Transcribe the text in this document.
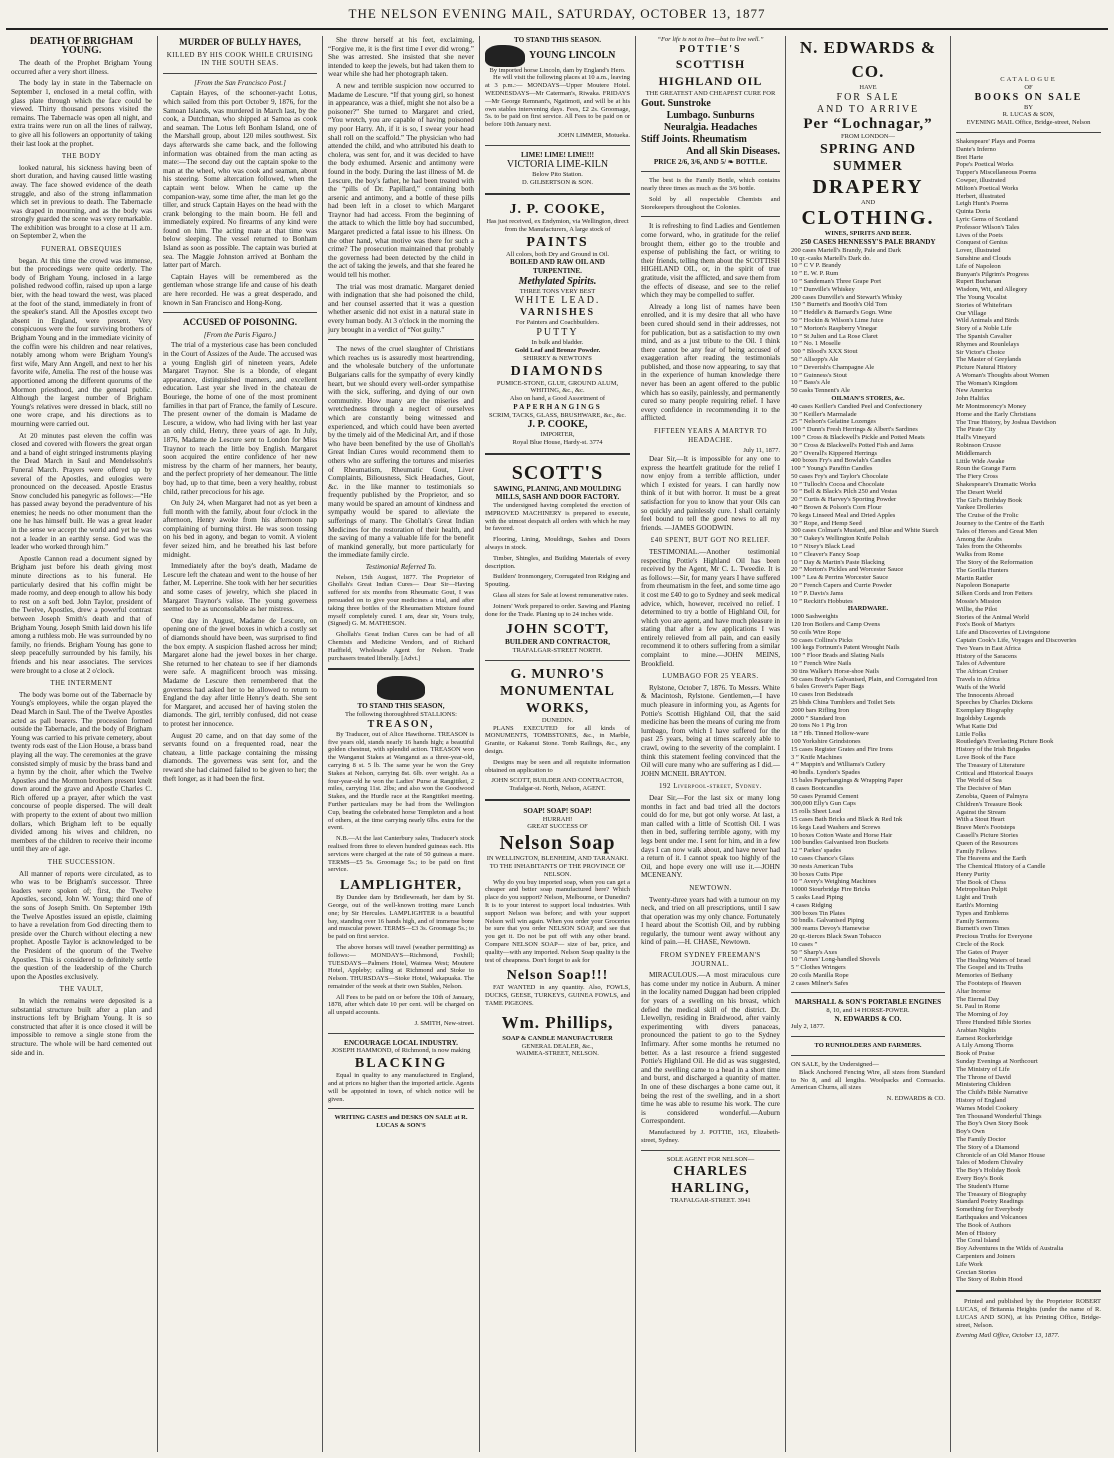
THE NELSON EVENING MAIL, SATURDAY, OCTOBER 13, 1877
DEATH OF BRIGHAM YOUNG.

The death of the Prophet Brigham Young occurred after a very short illness.

The body lay in state in the Tabernacle on September 1, enclosed in a metal coffin, with glass plate through which the face could be viewed. Thirty thousand persons visited the remains. The Tabernacle was open all night, and extra trains were run on all the lines of railway, to give all his followers an opportunity of taking their last look at the prophet.

THE BODY

looked natural, his sickness having been of short duration, and having caused little wasting away. The face showed evidence of the death struggle, and also of the strong inflammation which set in previous to death. The Tabernacle was draped in mourning, and as the body was strongly guarded the scene was very remarkable. The exhibition was brought to a close at 11 a.m. on September 2, when the

FUNERAL OBSEQUIES

began. At this time the crowd was immense, but the proceedings were quite orderly. The body of Brigham Young, inclosed in a large polished redwood coffin, raised up upon a large bier, with the head toward the west, was placed at the foot of the stand, immediately in front of the speaker's stand. All the Apostles except two absent in England, were present. Very conspicuous were the four surviving brothers of Brigham Young and in the immediate vicinity of the coffin were his children and near relatives, notably among whom were Brigham Young's first wife, Mary Ann Angell, and next to her his favorite wife, Amelia. The rest of the house was apportioned among the different quorums of the Mormon priesthood, and the general public. Although the largest number of Brigham Young's relatives were dressed in black, still no one wore crape, and his directions as to mourning were carried out.

At 20 minutes past eleven the coffin was closed and covered with flowers the great organ and a band of eight stringed instruments playing the Dead March in Saul and Mendelssohn's Funeral March. Prayers were offered up by several of the Apostles, and eulogies were pronounced on the deceased. Apostle Erastus Snow concluded his panegyric as follows:—“He has passed away beyond the peradventure of his enemies; he needs no other monument than the one he has himself built. He was a great leader in the sense we accept the world and yet he was not a leader in an earthly sense. God was the leader who worked through him.”

Apostle Cannon read a document signed by Brigham just before his death giving most minute directions as to his funeral. He particularly desired that his coffin might be made roomy, and deep enough to allow his body to rest on a soft bed. John Taylor, president of the Twelve, Apostles, drew a powerful contrast between Joseph Smith's death and that of Brigham Young. Joseph Smith laid down his life among a ruthless mob. He was surrounded by no family, no friends. Brigham Young has gone to sleep peacefully surrounded by his family, his friends and his near associates. The services were brought to a close at 2 o'clock.

THE INTERMENT

The body was borne out of the Tabernacle by Young's employees, while the organ played the Dead March in Saul. The of the Twelve Apostles acted as pall bearers. The procession formed outside the Tabernacle, and the body of Brigham Young was carried to his private cemetery, about twenty rods east of the Lion House, a brass band playing all the way. The ceremonies at the grave consisted simply of music by the brass band and a hymn by the choir, after which the Twelve Apostles and the Mormon brothers present knelt down around the grave and Apostle Charles C. Rich offered up a prayer, after which the vast concourse of people dispersed. The will dealt with property to the extent of about two million dollars, which Brigham left to be equally divided among his wives and children, no members of the children to receive their income until they are of age.

THE SUCCESSION.

All manner of reports were circulated, as to who was to be Brigham's successor. Three leaders were spoken of; first, the Twelve Apostles, second, John W. Young; third one of the sons of Joseph Smith. On September 19th the Twelve Apostles issued an epistle, claiming to have a revelation from God directing them to preside over the Church without electing a new prophet. Apostle Taylor is acknowledged to be the President of the quorum of the Twelve Apostles. This is considered to definitely settle the question of the leadership of the Church upon the Apostles exclusively.

THE VAULT,

In which the remains were deposited is a substantial structure built after a plan and instructions left by Brigham Young. It is so constructed that after it is once closed it will be impossible to remove a single stone from the structure. The whole will be hard cemented out side and in.

MURDER OF BULLY HAYES,
KILLED BY HIS COOK WHILE CRUISING IN THE SOUTH SEAS.
[From the San Francisco Post.]

Captain Hayes, of the schooner-yacht Lotus, which sailed from this port October 9, 1876, for the Samoan Islands, was murdered in March last, by the cook, a Dutchman, who shipped at Samoa as cook and seaman. The Lotus left Bonham Island, one of the Marshall group, about 120 miles southwest. Six days afterwards she came back, and the following information was obtained from the man acting as mate:—The second day out the captain spoke to the man at the wheel, who was cook and seaman, about his steering. Some altercation followed, when the captain went below. When he came up the companion-way, some time after, the man let go the tiller, and struck Captain Hayes on the head with the crank belonging to the main boom. He fell and immediately expired. No firearms of any kind were found on him. The acting mate at that time was below sleeping. The vessel returned to Bonham Island as soon as possible. The captain was buried at sea. The Maggie Johnston arrived at Bonham the latter part of March.

Captain Hayes will be remembered as the gentleman whose strange life and cause of his death are here recorded. He was a great desperado, and known in San Francisco and Hong-Kong.

ACCUSED OF POISONING.
[From the Paris Figaro.]

The trial of a mysterious case has been concluded in the Court of Assizes of the Aude. The accused was a young English girl of nineteen years, Adele Margaret Traynor. She is a blonde, of elegant appearance, distinguished manners, and excellent education. Last year she lived in the chateau de Bouriege, the home of one of the most prominent families in that part of France, the family of Lescure. The present owner of the domain is Madame de Lescure, a widow, who had living with her last year an only child, Henry, three years of age. In July, 1876, Madame de Lescure sent to London for Miss Traynor to teach the little boy English. Margaret soon acquired the entire confidence of her new mistress by the charm of her manners, her beauty, and the perfect propriety of her demeanour. The little boy had, up to that time, been a very healthy, robust child, rather precocious for his age.

On July 24, when Margaret had not as yet been a full month with the family, about four o'clock in the afternoon, Henry awoke from his afternoon nap complaining of burning thirst. He was soon tossing on his bed in agony, and began to vomit. A violent fever seized him, and he breathed his last before midnight.

Immediately after the boy's death, Madame de Lescure left the chateau and went to the house of her father, M. Leperrine. She took with her her securities and some cases of jewelry, which she placed in Margaret Traynor's valise. The young governess seemed to be as unconsolable as her mistress.

One day in August, Madame de Lescure, on opening one of the jewel boxes in which a costly set of diamonds should have been, was surprised to find the box empty. A suspicion flashed across her mind; Margaret alone had the jewel boxes in her charge. She returned to her chateau to see if her diamonds were safe. A magnificent brooch was missing. Madame de Lescure then remembered that the governess had asked her to be allowed to return to England the day after little Henry's death. She sent for Margaret, and accused her of having stolen the diamonds. The girl, terribly confused, did not cease to protest her innocence.

August 20 came, and on that day some of the servants found on a frequented road, near the chateau, a little package containing the missing diamonds. The governess was sent for, and the reward she had claimed failed to be given to her; the theft longer, as it had been the first.

She threw herself at his feet, exclaiming, “Forgive me, it is the first time I ever did wrong.” She was arrested. She insisted that she never intended to keep the jewels, but had taken them to wear while she had her photograph taken.

A new and terrible suspicion now occurred to Madame de Lescure. “If that young girl, so honest in appearance, was a thief, might she not also be a poisoner?” She turned to Margaret and cried, “You wretch, you are capable of having poisoned my poor Harry. Ah, if it is so, I swear your head shall roll on the scaffold.” The physician who had attended the child, and who attributed his death to cholera, was sent for, and it was decided to have the body exhumed. Arsenic and antimony were found in the body. During the last illness of M. de Lescure, the boy's father, he had been treated with the “pills of Dr. Papillard,” containing both arsenic and antimony, and a bottle of these pills had been left in a closet to which Margaret Traynor had had access. From the beginning of the attack to which the little boy had succumbed, Margaret predicted a fatal issue to his illness. On the other hand, what motive was there for such a crime? The prosecution maintained that probably the governess had been detected by the child in the act of taking the jewels, and that she feared he would tell his mother.

The trial was most dramatic. Margaret denied with indignation that she had poisoned the child, and her counsel asserted that it was a question whether arsenic did not exist in a natural state in every human body. At 3 o'clock in the morning the jury brought in a verdict of “Not guilty.”

The news of the cruel slaughter of Christians which reaches us is assuredly most heartrending, and the wholesale butchery of the unfortunate Bulgarians calls for the sympathy of every kindly heart, but we should every well-order sympathise with the sick, suffering, and dying of our own community. How many are the miseries and wretchedness through a neglect of ourselves which are constantly being witnessed and experienced, and which could have been averted by the timely aid of the Medicinal Art, and if those who have been benefited by the use of Ghollah's Great Indian Cures would recommend them to others who are suffering the tortures and miseries of Rheumatism, Rheumatic Gout, Liver Complaints, Biliousness, Sick Headaches, Gout, &c. in the like manner to testimonials so frequently published by the Proprietor, and so many would be spared an amount of kindness and sympathy would be spared to alleviate the sufferings of many. The Ghollah's Great Indian Medicines for the restoration of their health, and the saving of many a valuable life for the benefit of mankind generally, but more particularly for the immediate family circle.

Testimonial Referred To.

Nelson, 15th August, 1877. The Proprietor of Ghollah's Great Indian Cures— Dear Sir—Having suffered for six months from Rheumatic Gout, I was persuaded on to give your medicines a trial, and after taking three bottles of the Rheumatism Mixture found myself completely cured. I am, dear sir, Yours truly, (Signed) G. M. MATHESON.

Ghollah's Great Indian Cures can be had of all Chemists and Medicine Vendors, and of Richard Hadfield, Wholesale Agent for Nelson. Trade purchasers treated liberally. [Advt.]

TO STAND THIS SEASON,
The following thoroughbred STALLIONS:
TREASON,

By Traducer, out of Alice Hawthorne. TREASON is five years old, stands nearly 16 hands high; a beautiful golden chestnut, with splendid action. TREASON won the Wanganui Stakes at Wanganui as a three-year-old, carrying 8 st. 5 lb. The same year he won the Grey Stakes at Nelson, carrying 8st. 6lb. over weight. As a four-year-old he won the Ladies' Purse at Rangitikei, 2 miles, carrying 11st. 2lbs; and also won the Goodwood Stakes, and the Hurdle race at the Rangitikei meeting. Further particulars may be had from the Wellington Cup, beating the celebrated horse Templeton and a host of others, at the time carrying nearly 6lbs. extra for the event.

N.B.—At the last Canterbury sales, Traducer's stock realised from three to eleven hundred guineas each. His services were charged at the rate of 50 guineas a mare. TERMS—£5 5s. Groomage 5s.; to be paid on first service.

LAMPLIGHTER,

By Dundee dam by Bridlewreath, her dam by St. George, out of the well-known trotting mare Lunch one; by Sir Hercules. LAMPLIGHTER is a beautiful bay, standing over 16 hands high, and of immense bone and muscular power. TERMS—£3 3s. Groomage 5s.; to be paid on first service.

The above horses will travel (weather permitting) as follows:— MONDAYS—Richmond, Foxhill; TUESDAYS—Palmers Hotel, Waimea West; Moutere Hotel, Appleby; calling at Richmond and Stoke to Nelson. THURSDAYS—Stoke Hotel, Wakapuaka. The remainder of the week at their own Stables, Nelson.

All Fees to be paid on or before the 10th of January, 1878, after which date 10 per cent. will be charged on all unpaid accounts.

J. SMITH, New-street.
ENCOURAGE LOCAL INDUSTRY.
JOSEPH HAMMOND, of Richmond, is now making
BLACKING

Equal in quality to any manufactured in England, and at prices no higher than the imported article. Agents will be appointed in town, of which notice will be given.

WRITING CASES and DESKS ON SALE at R. LUCAS & SON'S
TO STAND THIS SEASON.
YOUNG LINCOLN
By imported horse Lincoln, dam by England's Hero.

He will visit the following places at 10 a.m., leaving at 3 p.m.:— MONDAYS—Upper Moutere Hotel. WEDNESDAYS—Mr Caterman's, Riwaka. FRIDAYS—Mr George Remnant's, Ngatimoti, and will be at his own stables intervening days. Fees, £2 2s. Groomage, 5s. to be paid on first service. All Fees to be paid on or before 10th January next.

JOHN LIMMER, Motueka.
LIME! LIME! LIME!!!
VICTORIA LIME-KILN
Below Pito Station.
D. GILBERTSON & SON.
J. P. COOKE,
Has just received, ex Endymion, via Wellington, direct from the Manufacturers, A large stock of
PAINTS
All colors, both Dry and Ground in Oil.
BOILED AND RAW OIL AND TURPENTINE.
Methylated Spirits.
THREE TONS VERY BEST
WHITE LEAD.
VARNISHES
For Painters and Coachbuilders.
PUTTY
In bulk and bladder.
Gold Leaf and Bronze Powder.
SHIRREY & NEWTON'S
DIAMONDS
PUMICE-STONE, GLUE, GROUND ALUM, WHITING, &c., &c.
Also on hand, a Good Assortment of
PAPERHANGINGS
SCRIM, TACKS, GLASS, BRUSHWARE, &c., &c.
J. P. COOKE,
IMPORTER,
Royal Blue House, Hardy-st. 3774
SCOTT'S
SAWING, PLANING, AND MOULDING MILLS, SASH AND DOOR FACTORY.

The undersigned having completed the erection of IMPROVED MACHINERY is prepared to execute, with the utmost despatch all orders with which he may be favored.

Flooring, Lining, Mouldings, Sashes and Doors always in stock.

Timber, Shingles, and Building Materials of every description.

Builders' Ironmongery, Corrugated Iron Ridging and Spouting.

Glass all sizes for Sale at lowest remunerative rates.

Joiners' Work prepared to order. Sawing and Planing done for the Trade. Planing up to 24 inches wide.

JOHN SCOTT,
BUILDER AND CONTRACTOR,
TRAFALGAR-STREET NORTH.
G. MUNRO'S
MONUMENTAL WORKS,
DUNEDIN.

PLANS EXECUTED for all kinds of MONUMENTS, TOMBSTONES, &c., in Marble, Granite, or Kakanui Stone. Tomb Railings, &c., any design.

Designs may be seen and all requisite information obtained on application to

JOHN SCOTT, BUILDER AND CONTRACTOR, Trafalgar-st. North, Nelson, AGENT.
SOAP! SOAP! SOAP!
HURRAH!
GREAT SUCCESS OF
Nelson Soap
IN WELLINGTON, BLENHEIM, AND TARANAKI.
TO THE INHABITANTS OF THE PROVINCE OF NELSON.

Why do you buy imported soap, when you can get a cheaper and better soap manufactured here? Which place do you support? Nelson, Melbourne, or Dunedin? It is to your interest to support local industries. With support Nelson was before; and with your support Nelson will win again. When you order your Groceries be sure that you order NELSON SOAP, and see that you get it. Do not be put off with any other brand. Compare NELSON SOAP— size of bar, price, and quality—with any imported. Nelson Soap quality is the test of cheapness. Don't forget to ask for

Nelson Soap!!!

FAT WANTED in any quantity. Also, FOWLS, DUCKS, GEESE, TURKEYS, GUINEA FOWLS, and TAME PIGEONS.

Wm. Phillips,
SOAP & CANDLE MANUFACTURER
GENERAL DEALER, &c.,
WAIMEA-STREET, NELSON.
“For life is not to live—but to live well.”
POTTIE'S
SCOTTISH HIGHLAND OIL
THE GREATEST AND CHEAPEST CURE FOR
Gout. Sunstroke
Lumbago. Sunburns
Neuralgia. Headaches
Stiff Joints. Rheumatism
And all Skin Diseases.
PRICE 2/6, 3/6, AND 5/ ❧ BOTTLE.

The best is the Family Bottle, which contains nearly three times as much as the 3/6 bottle.

Sold by all respectable Chemists and Storekeepers throughout the Colonies.

It is refreshing to find Ladies and Gentlemen come forward, who, in gratitude for the relief brought them, either go to the trouble and expense of publishing the fact, or writing to their friends, telling them about the SCOTTISH HIGHLAND OIL, or, in the spirit of true gratitude, visit the afflicted, and save them from the effects of disease, and see to the relief which they may be compelled to suffer.

Already a long list of names have been enrolled, and it is my desire that all who have been cured should send in their addresses, not for publication, but as a satisfaction to my own mind, and as a just tribute to the Oil. I think there cannot be any fear of being accused of exaggeration after reading the testimonials published, and those now appearing, to say that in the experience of human knowledge there never has been an agent offered to the public which has so easily, painlessly, and permanently cured so many people requiring relief. I have every confidence in recommending it to the afflicted.

FIFTEEN YEARS A MARTYR TO HEADACHE.
July 11, 1877.

Dear Sir,—It is impossible for any one to express the heartfelt gratitude for the relief I now enjoy from a terrible affliction, under which I existed for years. I can hardly now think of it but with horror. It must be a great satisfaction for you to know that your Oils can so quickly and painlessly cure. I shall certainly feel bound to tell the good news to all my friends. —JAMES GOODWIN.

£40 SPENT, BUT GOT NO RELIEF.

TESTIMONIAL.—Another testimonial respecting Pottie's Highland Oil has been received by the Agent, Mr C. L. Tweedie. It is as follows:—Sir, for many years I have suffered from rheumatism in the feet, and some time ago it cost me £40 to go to Sydney and seek medical advice, which, however, received no relief. I determined to try a bottle of Highland Oil, for which you are agent, and have much pleasure in stating that after a few applications I was entirely relieved from all pain, and can easily recommend it to others suffering from a similar complaint to mine.—JOHN MEINS, Brookfield.

LUMBAGO FOR 25 YEARS.

Rylstone, October 7, 1876. To Messrs. White & Macintosh, Rylstone. Gentlemen,—I have much pleasure in informing you, as Agents for Pottie's Scottish Highland Oil, that the said medicine has been the means of curing me from lumbago, from which I have suffered for the past 25 years, being at times scarcely able to crawl, owing to the severity of the complaint. I think this statement feeling convinced that the Oil will cure many who are suffering as I did.—JOHN MCNEIL BRAYTON.

192 Liverpool-street, Sydney.

Dear Sir,—For the last six or many long months in fact and bad tried all the doctors could do for me, but got only worse. At last, a man called with a little of Scottish Oil. I was then in bed, suffering terrible agony, with my legs bent under me. I sent for him, and in a few days I can now walk about, and have never had a return of it. I cannot speak too highly of the Oil, and hope every one will use it.—JOHN MCENEANY.

NEWTOWN.

Twenty-three years had with a tumour on my neck, and tried on all prescriptions, until I saw that operation was my only chance. Fortunately I heard about the Scottish Oil, and by rubbing regularly, the tumour went away without any kind of pain.—H. CHASE, Newtown.

FROM SYDNEY FREEMAN'S JOURNAL.

MIRACULOUS.—A most miraculous cure has come under my notice in Auburn. A miner in the locality named Duggan had been crippled for years of a swelling on his breast, which defied the medical skill of the district. Dr. Llewellyn, residing in Braidwood, after vainly experimenting with divers panaceas, pronounced the patient to go to the Sydney Infirmary. After some months he returned no better. As a last resource a friend suggested Pottie's Highland Oil. He did as was suggested, and the swelling came to a head in a short time and burst, and discharged a quantity of matter. In one of these discharges a bone came out, it being the rest of the swelling, and in a short time he was able to resume his work. The cure is considered wonderful.—Auburn Correspondent.

Manufactured by J. POTTIE, 163, Elizabeth-street, Sydney.

SOLE AGENT FOR NELSON—
CHARLES HARLING,
TRAFALGAR-STREET. 3941
N. EDWARDS & CO.
HAVE
FOR SALE
AND TO ARRIVE
Per “Lochnagar,”
FROM LONDON—
SPRING AND SUMMER
DRAPERY
AND
CLOTHING.
WINES, SPIRITS AND BEER.
250 CASES HENNESSY'S PALE BRANDY
200 cases Martell's Brandy, Pale and Dark
10 qr.-casks Martell's Dark do.
10 ” C V P. Brandy
10 ” E. W. P. Rum
10 ” Sandeman's Three Grape Port
10 ” Dunville's Whiskey
200 cases Dunville's and Stewart's Whisky
150 ” Burnett's and Booth's Old Tom
10 ” Heddle's & Barnard's Gogn. Wine
50 ” Hockin & Wilson's Lime Juice
10 ” Morton's Raspberry Vinegar
10 ” St Julien and La Rose Claret
10 ” No. 1 Moselle
500 ” Blood's XXX Stout
50 ” Allsopp's Ale
10 ” Deverish's Champagne Ale
10 ” Guinness's Stout
10 ” Bass's Ale
50 casks Tennent's Ale
OILMAN'S STORES, &c.
40 cases Keiller's Candied Peel and Confectionery
30 ” Keiller's Marmalade
25 ” Nelson's Gelatine Lozenges
100 ” Dunn's Fresh Herrings & Albert's Sardines
100 ” Cross & Blackwell's Pickle and Potted Meats
30 ” Cross & Blackwell's Potted Fish and Jams
20 ” Overall's Kippered Herrings
400 boxes Fry's and Bowlah's Candles
100 ” Young's Paraffin Candles
50 cases Fry's and Taylor's Chocolate
10 ” Tulloch's Cocoa and Chocolate
50 ” Bell & Black's Pilch 250 and Vestas
20 ” Curtis & Harvey's Sporting Powder
40 ” Brown & Polson's Corn Flour
70 kegs Linseed Meal and Dried Apples
30 ” Rope, and Hemp Seed
300 cases Colman's Mustard, and Blue and White Starch
30 ” Oakey's Wellington Knife Polish
10 ” Nixey's Black Lead
10 ” Cleaver's Fancy Soap
10 ” Day & Martin's Paste Blacking
20 ” Morton's Pickles and Worcester Sauce
100 ” Lea & Perrins Worcester Sauce
20 ” French Capers and Currie Powder
10 ” P. Davis's Jams
10 ” Reckitt's Hobbutes
HARDWARE.
1000 Sashweights
120 Iron Boilers and Camp Ovens
50 coils Wire Rope
50 cases Collins's Picks
100 kegs Fortnum's Patent Wrought Nails
100 ” Floor Brads and Slating Nails
10 ” French Wire Nails
30 tins Walker's Horse-shoe Nails
50 cases Brady's Galvanised, Plain, and Corrugated Iron
6 bales Grover's Paper Bags
10 cases Iron Bedsteads
25 bhds China Tumblers and Toilet Sets
2000 bars Rifling Iron
2000 ” Standard Iron
20 tons No 1 Pig Iron
18 ” Hb. Tinned Hollow-ware
100 Yorkshire Grindstones
15 cases Register Grates and Fire Irons
3 ” Knife Machines
4 ” Mappin's and Williams's Cutlery
40 bndls. Lyndon's Spades
15 bales Paperhangings & Wrapping Paper
8 cases Bootcandles
50 cases Pyramid Cement
300,000 Elly's Gun Caps
15 rolls Sheet Lead
15 cases Bath Bricks and Black & Red Ink
16 kegs Lead Washers and Screws
10 boxes Cotton Waste and Horse Hair
100 bundles Galvanised Iron Buckets
12 ” Parkes' spades
10 cases Chance's Glass
30 nests American Tubs
30 boxes Cutts Pipe
10 ” Avery's Weighing Machines
10000 Stourbridge Fire Bricks
5 casks Lead Piping
4 cases Ridging
300 boxes Tin Plates
50 bndls. Galvanised Piping
300 reams Devoy's Hamewise
20 qr.-tierces Black Swan Tobacco
10 cases ”
50 ” Sharp's Axes
10 ” Ames' Long-handled Shovels
5 ” Clothes Wringers
20 coils Manilla Rope
2 cases Milner's Safes
MARSHALL & SON'S PORTABLE ENGINES
8, 10, and 14 HORSE-POWER.
N. EDWARDS & CO.
July 2, 1877.
TO RUNHOLDERS AND FARMERS.
ON SALE, by the Undersigned—

Black Anchored Fencing Wire, all sizes from Standard to No 8, and all lengths. Woolpacks and Cornsacks. American Churns, all sizes

N. EDWARDS & CO.
CATALOGUE
OF
BOOKS ON SALE
BY
R. LUCAS & SON,
EVENING MAIL Office, Bridge-street, Nelson
Shakespeare' Plays and Poems
Dante's Inferno
Bret Harte
Pope's Poetical Works
Tupper's Miscellaneous Poems
Cowper, illustrated
Milton's Poetical Works
Herbert, illustrated
Leigh Hunt's Poems
Quinta Doria
Lyric Gems of Scotland
Professor Wilson's Tales
Lives of the Poets
Conquest of Genius
Lover, illustrated
Sunshine and Clouds
Life of Napoleon
Bunyan's Pilgrim's Progress
Rupert Buchanan
Wisdom, Wit, and Allegory
The Young Vocalist
Stories of Whitefriars
Our Village
Wild Animals and Birds
Story of a Noble Life
The Spanish Cavalier
Rhymes and Rounlelays
Sir Victor's Choice
The Master of Greylands
Picture Natural History
A Woman's Thoughts about Women
The Woman's Kingdom
New America
John Halifax
Mr Montmorency's Money
Home and the Early Christians
The True History, by Joshua Davidson
The Pirate City
Hall's Vineyard
Robinson Crusoe
Middlemarch
Little Wide Awake
Roun the Grange Farm
The Fiery Cross
Shakespeare's Dramatic Works
The Desert World
The Girl's Birthday Book
Yankee Drolleries
The Cruise of the Frolic
Journey to the Centre of the Earth
Tales of Heroes and Great Men
Among the Arabs
Tales from the Otheombs
Walks from Rome
The Story of the Reformation
The Gorilla Hunters
Martin Rattler
Napoleon Bonaparte
Silken Cords and Iron Fetters
Mossie's Mission
Willie, the Pilot
Stories of the Animal World
Fox's Book of Martyrs
Life and Discoveries of Livingstone
Captain Cook's Life, Voyages and Discoveries
Two Years in East Africa
History of the Saracens
Tales of Adventure
The African Cruiser
Travels in Africa
Waifs of the World
The Innocents Abroad
Speeches by Charles Dickens
Exemplary Biography
Ingoldsby Legends
What Katie Did
Little Folks
Routledge's Everlasting Picture Book
History of the Irish Brigades
Love Book of the Face
The Treasury of Literature
Critical and Historical Essays
The World of Sea
The Decisive of Man
Zenobia, Queen of Palmyra
Children's Treasure Book
Against the Stream
With a Stout Heart
Brave Men's Footsteps
Cassell's Picture Stories
Queen of the Resources
Family Fellows
The Heavens and the Earth
The Chemical History of a Candle
Henry Purity
The Book of Chess
Metropolitan Pulpit
Light and Truth
Earth's Morning
Types and Emblems
Family Sermons
Burnett's own Times
Precious Truths for Everyone
Circle of the Rock
The Gates of Prayer
The Healing Waters of Israel
The Gospel and its Truths
Memories of Bethany
The Footsteps of Heaven
Altar Incense
The Eternal Day
St. Paul in Rome
The Morning of Joy
Three Hundred Bible Stories
Arabian Nights
Earnest Rockerbridge
A Lily Among Thorns
Book of Praise
Sunday Evenings at Northcourt
The Ministry of Life
The Throne of David
Ministering Children
The Child's Bible Narrative
History of England
Warnes Model Cookery
Ten Thousand Wonderful Things
The Boy's Own Story Book
Boy's Own
The Family Doctor
The Story of a Diamond
Chronicle of an Old Manor House
Tales of Modern Chivalry
The Boy's Holiday Book
Every Boy's Book
The Student's Hume
The Treasury of Biography
Standard Poetry Readings
Something for Everybody
Earthquakes and Volcanoes
The Book of Authors
Men of History
The Coral Island
Boy Adventures in the Wilds of Australia
Carpenters and Joiners
Life Work
Grecian Stories
The Story of Robin Hood

Printed and published by the Proprietor ROBERT LUCAS, of Britannia Heights (under the name of R. LUCAS AND SON), at his Printing Office, Bridge-street, Nelson.

Evening Mail Office, October 13, 1877.
